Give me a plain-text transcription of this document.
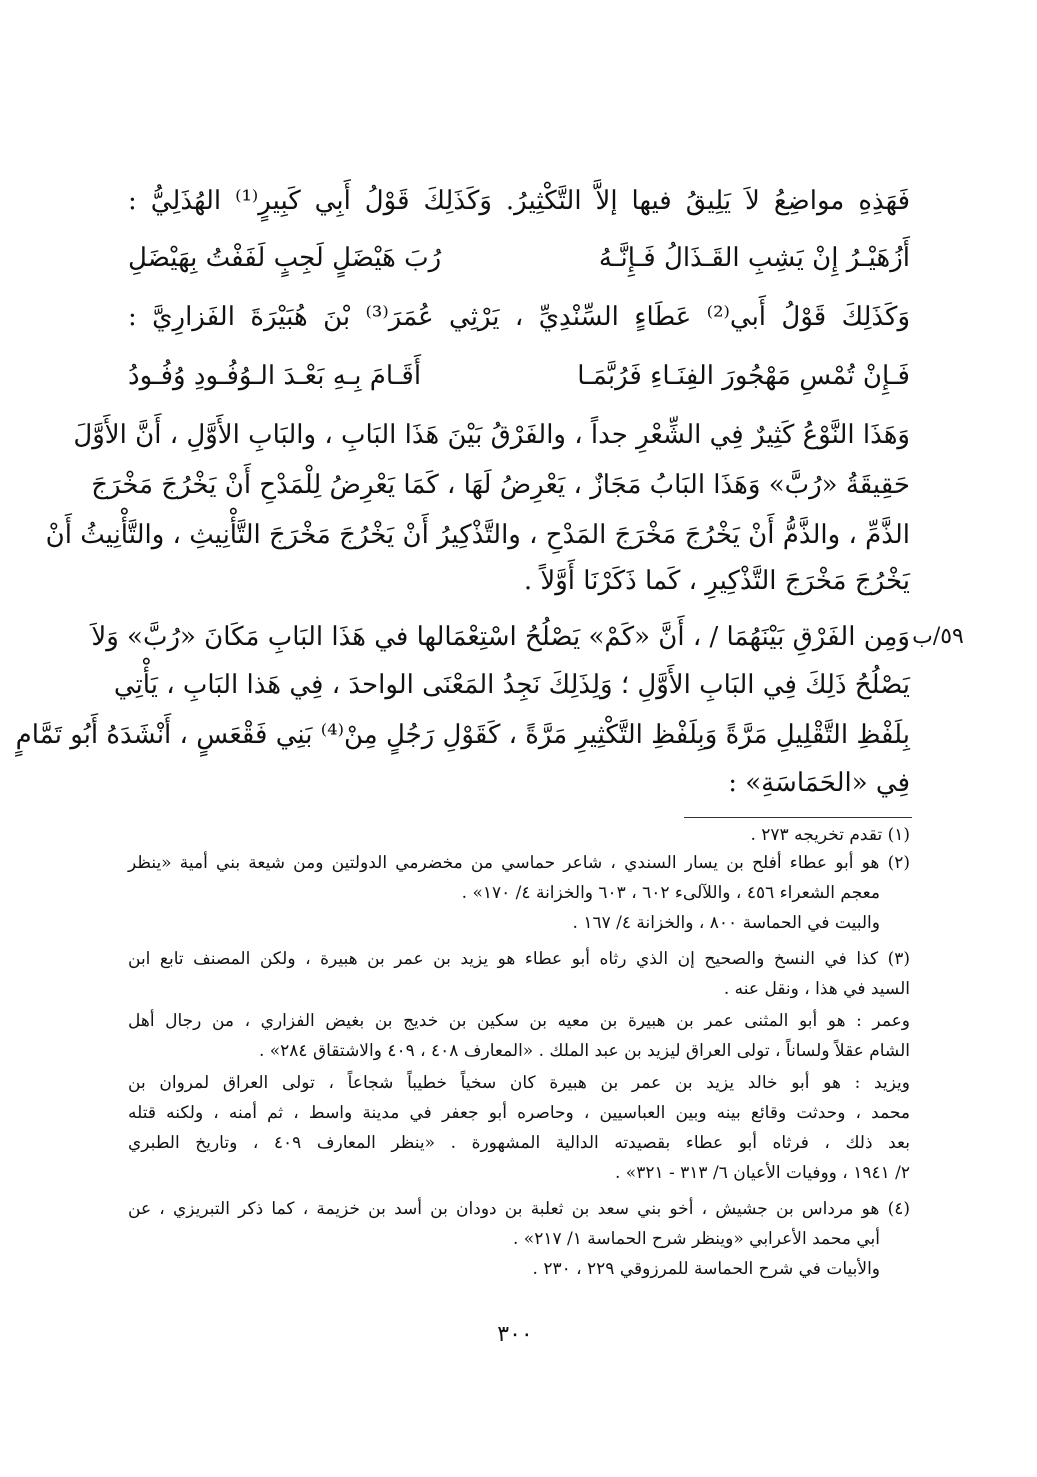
فَهَذِهِ مواضِعُ لاَ يَلِيقُ فيها إلاَّ التَّكْثِيرُ. وَكَذَلِكَ قَوْلُ أَبِي كَبِيرٍ⁽¹⁾ الهُذَلِيُّ :
أَزُهَيْـرُ إِنْ يَشِبِ القَـذَالُ فَـإِنَّـهُ
رُبَ هَيْضَلٍ لَجِبٍ لَفَفْتُ بِهَيْضَلِ
وَكَذَلِكَ قَوْلُ أَبي⁽²⁾ عَطَاءٍ السِّنْدِيِّ ، يَرْثِي عُمَرَ⁽³⁾ بْنَ هُبَيْرَةَ الفَزارِيَّ :
فَـإِنْ تُمْسِ مَهْجُورَ الفِنَـاءِ فَرُبَّمَـا
أَقَـامَ بِـهِ بَعْـدَ الـوُفُـودِ وُفُـودُ
وَهَذَا النَّوْعُ كَثِيرٌ فِي الشِّعْرِ جداً ، والفَرْقُ بَيْنَ هَذَا البَابِ ، والبَابِ الأَوَّلِ ، أَنَّ الأَوَّلَ
حَقِيقَةُ «رُبَّ» وَهَذَا البَابُ مَجَازٌ ، يَعْرِضُ لَهَا ، كَمَا يَعْرِضُ لِلْمَدْحِ أَنْ يَخْرُجَ مَخْرَجَ
الذَّمِّ ، والذَّمُّ أَنْ يَخْرُجَ مَخْرَجَ المَدْحِ ، والتَّذْكِيرُ أَنْ يَخْرُجَ مَخْرَجَ التَّأْنِيثِ ، والتَّأْنِيثُ أَنْ
يَخْرُجَ مَخْرَجَ التَّذْكِيرِ ، كَما ذَكَرْنَا أَوَّلاً .
٥٩/ب
وَمِن الفَرْقِ بَيْنَهُمَا / ، أَنَّ «كَمْ» يَصْلُحُ اسْتِعْمَالها في هَذَا البَابِ مَكَانَ «رُبَّ» وَلاَ
يَصْلُحُ ذَلِكَ فِي البَابِ الأَوَّلِ ؛ وَلِذَلِكَ نَجِدُ المَعْنَى الواحدَ ، فِي هَذا البَابِ ، يَأْتِي
بِلَفْظِ التَّقْلِيلِ مَرَّةً وَبِلَفْظِ التَّكْثِيرِ مَرَّةً ، كَقَوْلِ رَجُلٍ مِنْ⁽⁴⁾ بَنِي فَقْعَسٍ ، أَنْشَدَهُ أَبُو تَمَّامٍ
فِي «الحَمَاسَةِ» :
(١) تقدم تخريجه ٢٧٣ .
(٢) هو أبو عطاء أفلح بن يسار السندي ، شاعر حماسي من مخضرمي الدولتين ومن شيعة بني أمية «ينظر
معجم الشعراء ٤٥٦ ، واللآلىء ٦٠٢ ، ٦٠٣ والخزانة ٤/ ١٧٠» .
والبيت في الحماسة ٨٠٠ ، والخزانة ٤/ ١٦٧ .
(٣) كذا في النسخ والصحيح إن الذي رثاه أبو عطاء هو يزيد بن عمر بن هبيرة ، ولكن المصنف تابع ابن
السيد في هذا ، ونقل عنه .
وعمر : هو أبو المثنى عمر بن هبيرة بن معيه بن سكين بن خديج بن بغيض الفزاري ، من رجال أهل
الشام عقلاً ولساناً ، تولى العراق ليزيد بن عبد الملك . «المعارف ٤٠٨ ، ٤٠٩ والاشتقاق ٢٨٤» .
ويزيد : هو أبو خالد يزيد بن عمر بن هبيرة كان سخياً خطيباً شجاعاً ، تولى العراق لمروان بن
محمد ، وحدثت وقائع بينه وبين العباسيين ، وحاصره أبو جعفر في مدينة واسط ، ثم أمنه ، ولكنه قتله
بعد ذلك ، فرثاه أبو عطاء بقصيدته الدالية المشهورة . «ينظر المعارف ٤٠٩ ، وتاريخ الطبري
٢/ ١٩٤١ ، ووفيات الأعيان ٦/ ٣١٣ - ٣٢١» .
(٤) هو مرداس بن جشيش ، أخو بني سعد بن ثعلبة بن دودان بن أسد بن خزيمة ، كما ذكر التبريزي ، عن
أبي محمد الأعرابي «وينظر شرح الحماسة ١/ ٢١٧» .
والأبيات في شرح الحماسة للمرزوقي ٢٢٩ ، ٢٣٠ .
٣٠٠
